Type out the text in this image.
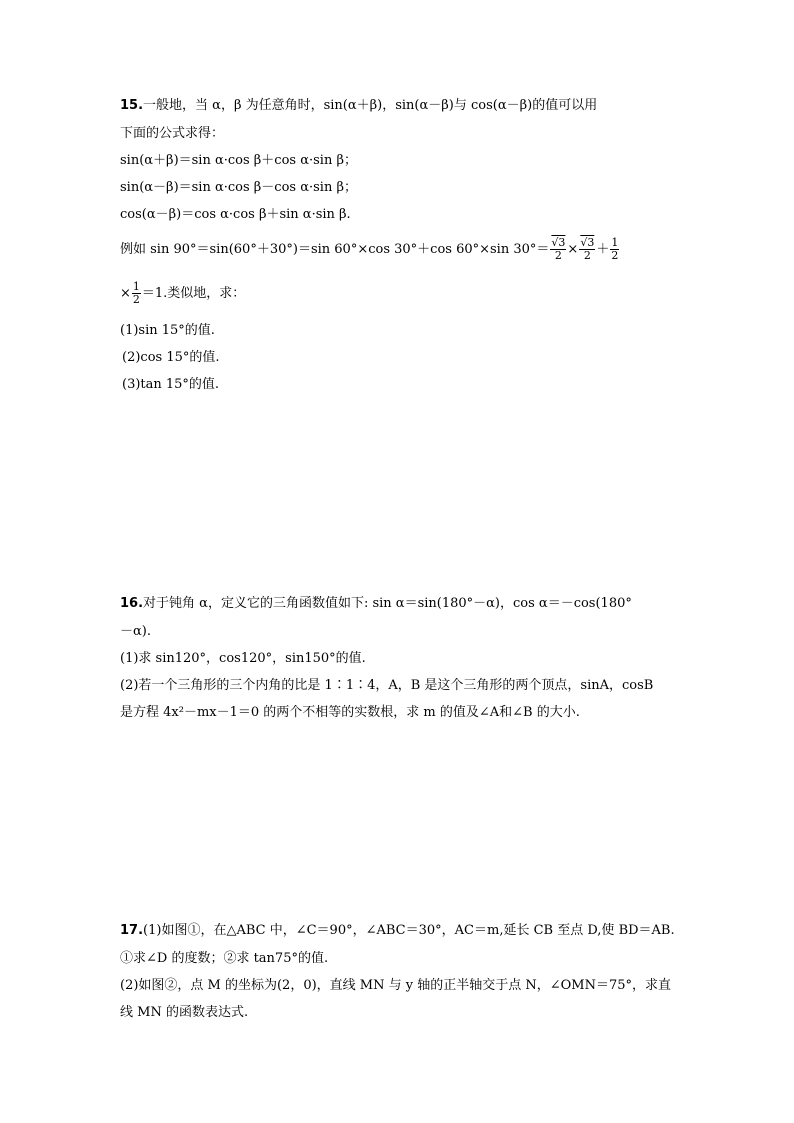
15.一般地，当 α，β 为任意角时，sin(α＋β)，sin(α－β)与 cos(α－β)的值可以用
下面的公式求得：
sin(α＋β)＝sin α·cos β＋cos α·sin β；
sin(α－β)＝sin α·cos β－cos α·sin β；
cos(α－β)＝cos α·cos β＋sin α·sin β.
例如 sin 90°＝sin(60°＋30°)＝sin 60°×cos 30°＋cos 60°×sin $30^\circ= \frac{√3}{2} \times \frac{√3}{2} + \frac{1}{2}$
× $\frac{1}{2} =1$.类似地，求：
(1)sin 15°的值.
(2)cos 15°的值.
(3)tan 15°的值.
16.对于钝角 α，定义它的三角函数值如下: sin α＝sin(180°－α)，cos α＝－cos(180°
－α).
(1)求 sin120°，cos120°，sin150°的值.
(2)若一个三角形的三个内角的比是 1∶1∶4，A，B 是这个三角形的两个顶点，sinA，cosB
是方程 4x²－mx－1＝0 的两个不相等的实数根，求 m 的值及∠A和∠B 的大小.
17.(1)如图①，在△ABC 中，∠C＝90°，∠ABC＝30°，AC＝m,延长 CB 至点 D,使 BD＝AB.
①求∠D 的度数；②求 tan75°的值.
(2)如图②，点 M 的坐标为(2，0)，直线 MN 与 y 轴的正半轴交于点 N，∠OMN＝75°，求直
线 MN 的函数表达式.
